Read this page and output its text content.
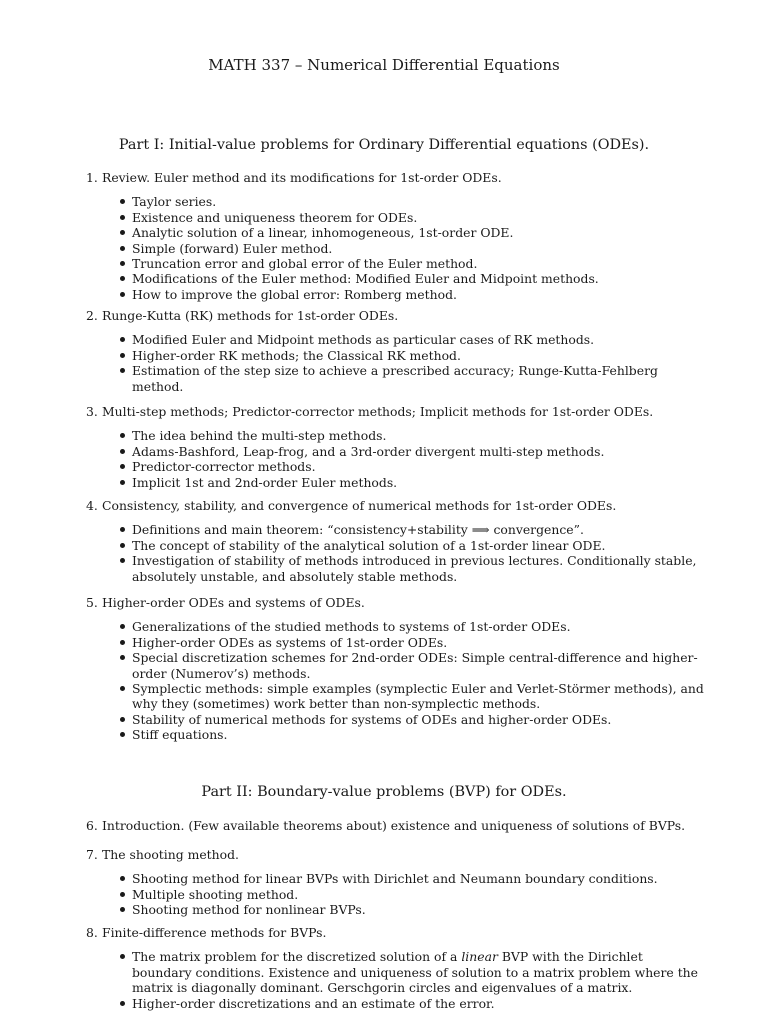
MATH 337 – Numerical Differential Equations
Part I: Initial-value problems for Ordinary Differential equations (ODEs).
1. Review. Euler method and its modifications for 1st-order ODEs.
Taylor series.
Existence and uniqueness theorem for ODEs.
Analytic solution of a linear, inhomogeneous, 1st-order ODE.
Simple (forward) Euler method.
Truncation error and global error of the Euler method.
Modifications of the Euler method: Modified Euler and Midpoint methods.
How to improve the global error: Romberg method.
2. Runge-Kutta (RK) methods for 1st-order ODEs.
Modified Euler and Midpoint methods as particular cases of RK methods.
Higher-order RK methods; the Classical RK method.
Estimation of the step size to achieve a prescribed accuracy; Runge-Kutta-Fehlberg method.
3. Multi-step methods; Predictor-corrector methods; Implicit methods for 1st-order ODEs.
The idea behind the multi-step methods.
Adams-Bashford, Leap-frog, and a 3rd-order divergent multi-step methods.
Predictor-corrector methods.
Implicit 1st and 2nd-order Euler methods.
4. Consistency, stability, and convergence of numerical methods for 1st-order ODEs.
Definitions and main theorem: “consistency+stability ⟹ convergence”.
The concept of stability of the analytical solution of a 1st-order linear ODE.
Investigation of stability of methods introduced in previous lectures. Conditionally stable, absolutely unstable, and absolutely stable methods.
5. Higher-order ODEs and systems of ODEs.
Generalizations of the studied methods to systems of 1st-order ODEs.
Higher-order ODEs as systems of 1st-order ODEs.
Special discretization schemes for 2nd-order ODEs: Simple central-difference and higher-order (Numerov’s) methods.
Symplectic methods: simple examples (symplectic Euler and Verlet-Störmer methods), and why they (sometimes) work better than non-symplectic methods.
Stability of numerical methods for systems of ODEs and higher-order ODEs.
Stiff equations.
Part II: Boundary-value problems (BVP) for ODEs.
6. Introduction. (Few available theorems about) existence and uniqueness of solutions of BVPs.
7. The shooting method.
Shooting method for linear BVPs with Dirichlet and Neumann boundary conditions.
Multiple shooting method.
Shooting method for nonlinear BVPs.
8. Finite-difference methods for BVPs.
The matrix problem for the discretized solution of a linear BVP with the Dirichlet boundary conditions. Existence and uniqueness of solution to a matrix problem where the matrix is diagonally dominant. Gerschgorin circles and eigenvalues of a matrix.
Higher-order discretizations and an estimate of the error.
